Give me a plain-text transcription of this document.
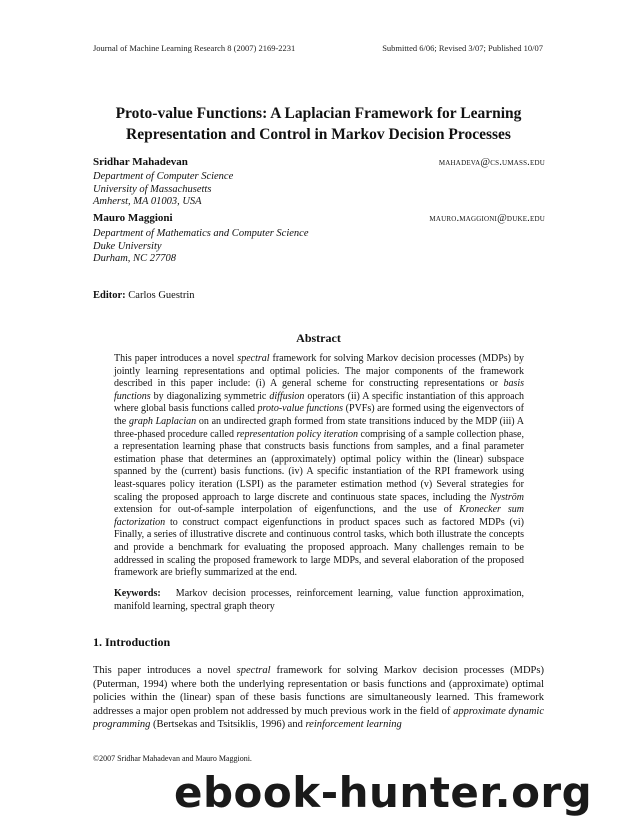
Journal of Machine Learning Research 8 (2007) 2169-2231	Submitted 6/06; Revised 3/07; Published 10/07
Proto-value Functions: A Laplacian Framework for Learning
Representation and Control in Markov Decision Processes
Sridhar Mahadevan	mahadeva@cs.umass.edu
Department of Computer Science
University of Massachusetts
Amherst, MA 01003, USA
Mauro Maggioni	mauro.maggioni@duke.edu
Department of Mathematics and Computer Science
Duke University
Durham, NC 27708
Editor: Carlos Guestrin
Abstract
This paper introduces a novel spectral framework for solving Markov decision processes (MDPs) by jointly learning representations and optimal policies. The major components of the framework described in this paper include: (i) A general scheme for constructing representations or basis functions by diagonalizing symmetric diffusion operators (ii) A specific instantiation of this approach where global basis functions called proto-value functions (PVFs) are formed using the eigenvectors of the graph Laplacian on an undirected graph formed from state transitions induced by the MDP (iii) A three-phased procedure called representation policy iteration comprising of a sample collection phase, a representation learning phase that constructs basis functions from samples, and a final parameter estimation phase that determines an (approximately) optimal policy within the (linear) subspace spanned by the (current) basis functions. (iv) A specific instantiation of the RPI framework using least-squares policy iteration (LSPI) as the parameter estimation method (v) Several strategies for scaling the proposed approach to large discrete and continuous state spaces, including the Nyström extension for out-of-sample interpolation of eigenfunctions, and the use of Kronecker sum factorization to construct compact eigenfunctions in product spaces such as factored MDPs (vi) Finally, a series of illustrative discrete and continuous control tasks, which both illustrate the concepts and provide a benchmark for evaluating the proposed approach. Many challenges remain to be addressed in scaling the proposed framework to large MDPs, and several elaboration of the proposed framework are briefly summarized at the end.
Keywords: Markov decision processes, reinforcement learning, value function approximation, manifold learning, spectral graph theory
1. Introduction
This paper introduces a novel spectral framework for solving Markov decision processes (MDPs) (Puterman, 1994) where both the underlying representation or basis functions and (approximate) optimal policies within the (linear) span of these basis functions are simultaneously learned. This framework addresses a major open problem not addressed by much previous work in the field of approximate dynamic programming (Bertsekas and Tsitsiklis, 1996) and reinforcement learning
©2007 Sridhar Mahadevan and Mauro Maggioni.
ebook-hunter.org
